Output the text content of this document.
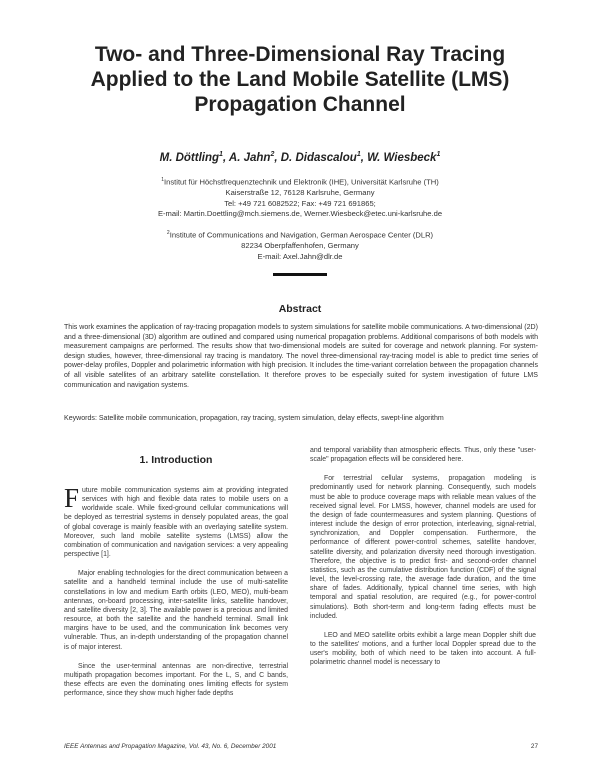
Two- and Three-Dimensional Ray Tracing
Applied to the Land Mobile Satellite (LMS)
Propagation Channel
M. Döttling$^1$, A. Jahn$^2$, D. Didascalou$^1$, W. Wiesbeck$^1$
$^1$Institut für Höchstfrequenztechnik und Elektronik (IHE), Universität Karlsruhe (TH)
Kaiserstraße 12, 76128 Karlsruhe, Germany
Tel: +49 721 6082522; Fax: +49 721 691865;
E-mail: Martin.Doettling@mch.siemens.de, Werner.Wiesbeck@etec.uni-karlsruhe.de
$^2$Institute of Communications and Navigation, German Aerospace Center (DLR)
82234 Oberpfaffenhofen, Germany
E-mail: Axel.Jahn@dlr.de
Abstract
This work examines the application of ray-tracing propagation models to system simulations for satellite mobile communications. A two-dimensional (2D) and a three-dimensional (3D) algorithm are outlined and compared using numerical propagation problems. Additional comparisons of both models with measurement campaigns are performed. The results show that two-dimensional models are suited for coverage and network planning. For system-design studies, however, three-dimensional ray tracing is mandatory. The novel three-dimensional ray-tracing model is able to predict time series of power-delay profiles, Doppler and polarimetric information with high precision. It includes the time-variant correlation between the propagation channels of all visible satellites of an arbitrary satellite constellation. It therefore proves to be especially suited for system investigation of future LMS communication and navigation systems.
Keywords: Satellite mobile communication, propagation, ray tracing, system simulation, delay effects, swept-line algorithm
1. Introduction

Future mobile communication systems aim at providing integrated services with high and flexible data rates to mobile users on a worldwide scale. While fixed-ground cellular communications will be deployed as terrestrial systems in densely populated areas, the goal of global coverage is mainly feasible with an overlaying satellite system. Moreover, such land mobile satellite systems (LMSS) allow the combination of communication and navigation services: a very appealing perspective [1].

Major enabling technologies for the direct communication between a satellite and a handheld terminal include the use of multi-satellite constellations in low and medium Earth orbits (LEO, MEO), multi-beam antennas, on-board processing, inter-satellite links, satellite handover, and satellite diversity [2, 3]. The available power is a precious and limited resource, at both the satellite and the handheld terminal. Small link margins have to be used, and the communication link becomes very vulnerable. Thus, an in-depth understanding of the propagation channel is of major interest.

Since the user-terminal antennas are non-directive, terrestrial multipath propagation becomes important. For the L, S, and C bands, these effects are even the dominating ones limiting effects for system performance, since they show much higher fade depths

and temporal variability than atmospheric effects. Thus, only these "user-scale" propagation effects will be considered here.

For terrestrial cellular systems, propagation modeling is predominantly used for network planning. Consequently, such models must be able to produce coverage maps with reliable mean values of the received signal level. For LMSS, however, channel models are used for the design of fade countermeasures and system planning. Questions of interest include the design of error protection, interleaving, signal-retrial, synchronization, and Doppler compensation. Furthermore, the performance of different power-control schemes, satellite handover, satellite diversity, and polarization diversity need thorough investigation. Therefore, the objective is to predict first- and second-order channel statistics, such as the cumulative distribution function (CDF) of the signal level, the level-crossing rate, the average fade duration, and the time share of fades. Additionally, typical channel time series, with high temporal and spatial resolution, are required (e.g., for power-control simulations). Both short-term and long-term fading effects must be included.

LEO and MEO satellite orbits exhibit a large mean Doppler shift due to the satellites' motions, and a further local Doppler spread due to the user's mobility, both of which need to be taken into account. A full-polarimetric channel model is necessary to

IEEE Antennas and Propagation Magazine, Vol. 43, No. 6, December 2001	27
